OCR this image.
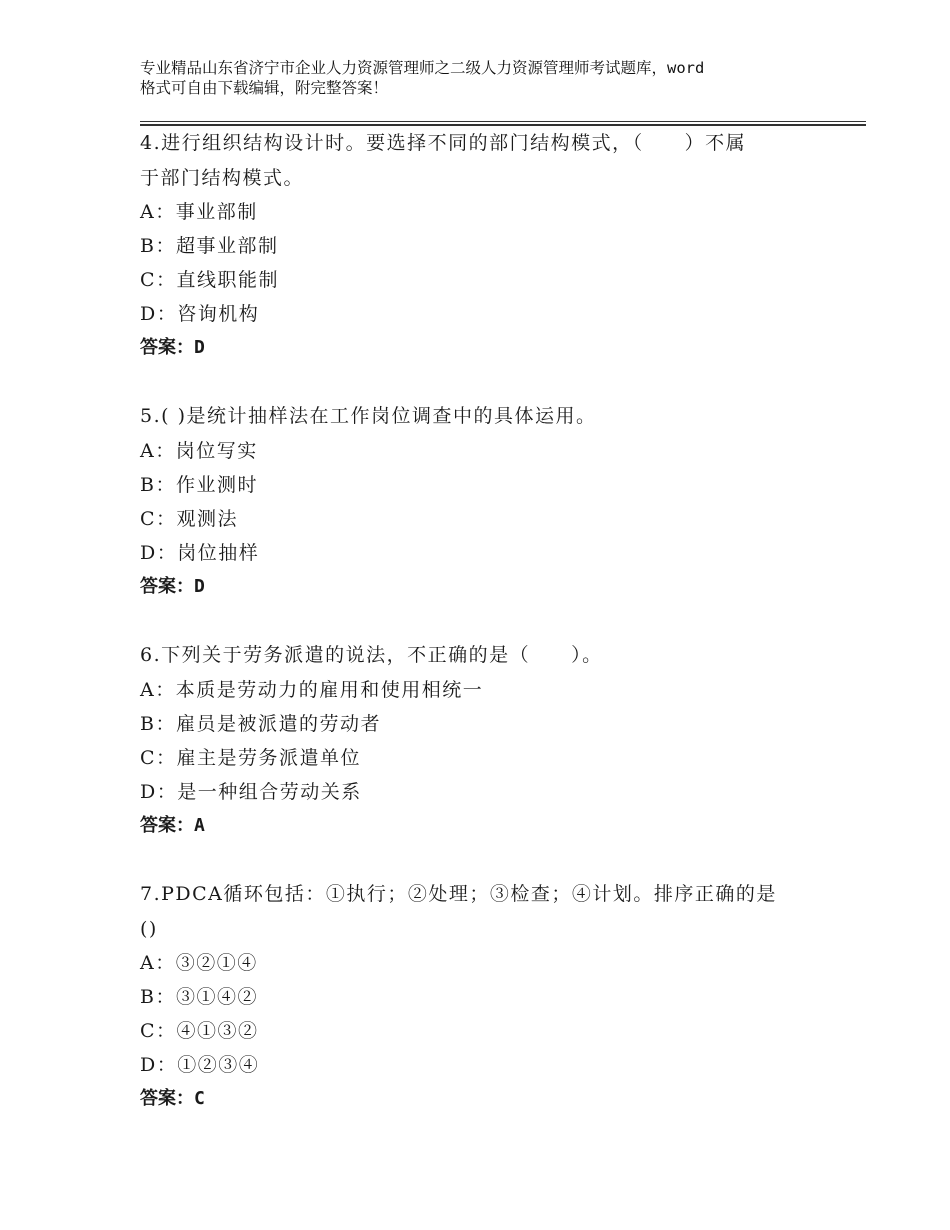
专业精品山东省济宁市企业人力资源管理师之二级人力资源管理师考试题库，word
格式可自由下载编辑，附完整答案！
4.进行组织结构设计时。要选择不同的部门结构模式，（　　）不属
于部门结构模式。
A：事业部制
B：超事业部制
C：直线职能制
D：咨询机构
答案：D
5.( )是统计抽样法在工作岗位调查中的具体运用。
A：岗位写实
B：作业测时
C：观测法
D：岗位抽样
答案：D
6.下列关于劳务派遣的说法，不正确的是（　　）。
A：本质是劳动力的雇用和使用相统一
B：雇员是被派遣的劳动者
C：雇主是劳务派遣单位
D：是一种组合劳动关系
答案：A
7.PDCA循环包括：①执行；②处理；③检查；④计划。排序正确的是
()
A：③②①④
B：③①④②
C：④①③②
D：①②③④
答案：C
